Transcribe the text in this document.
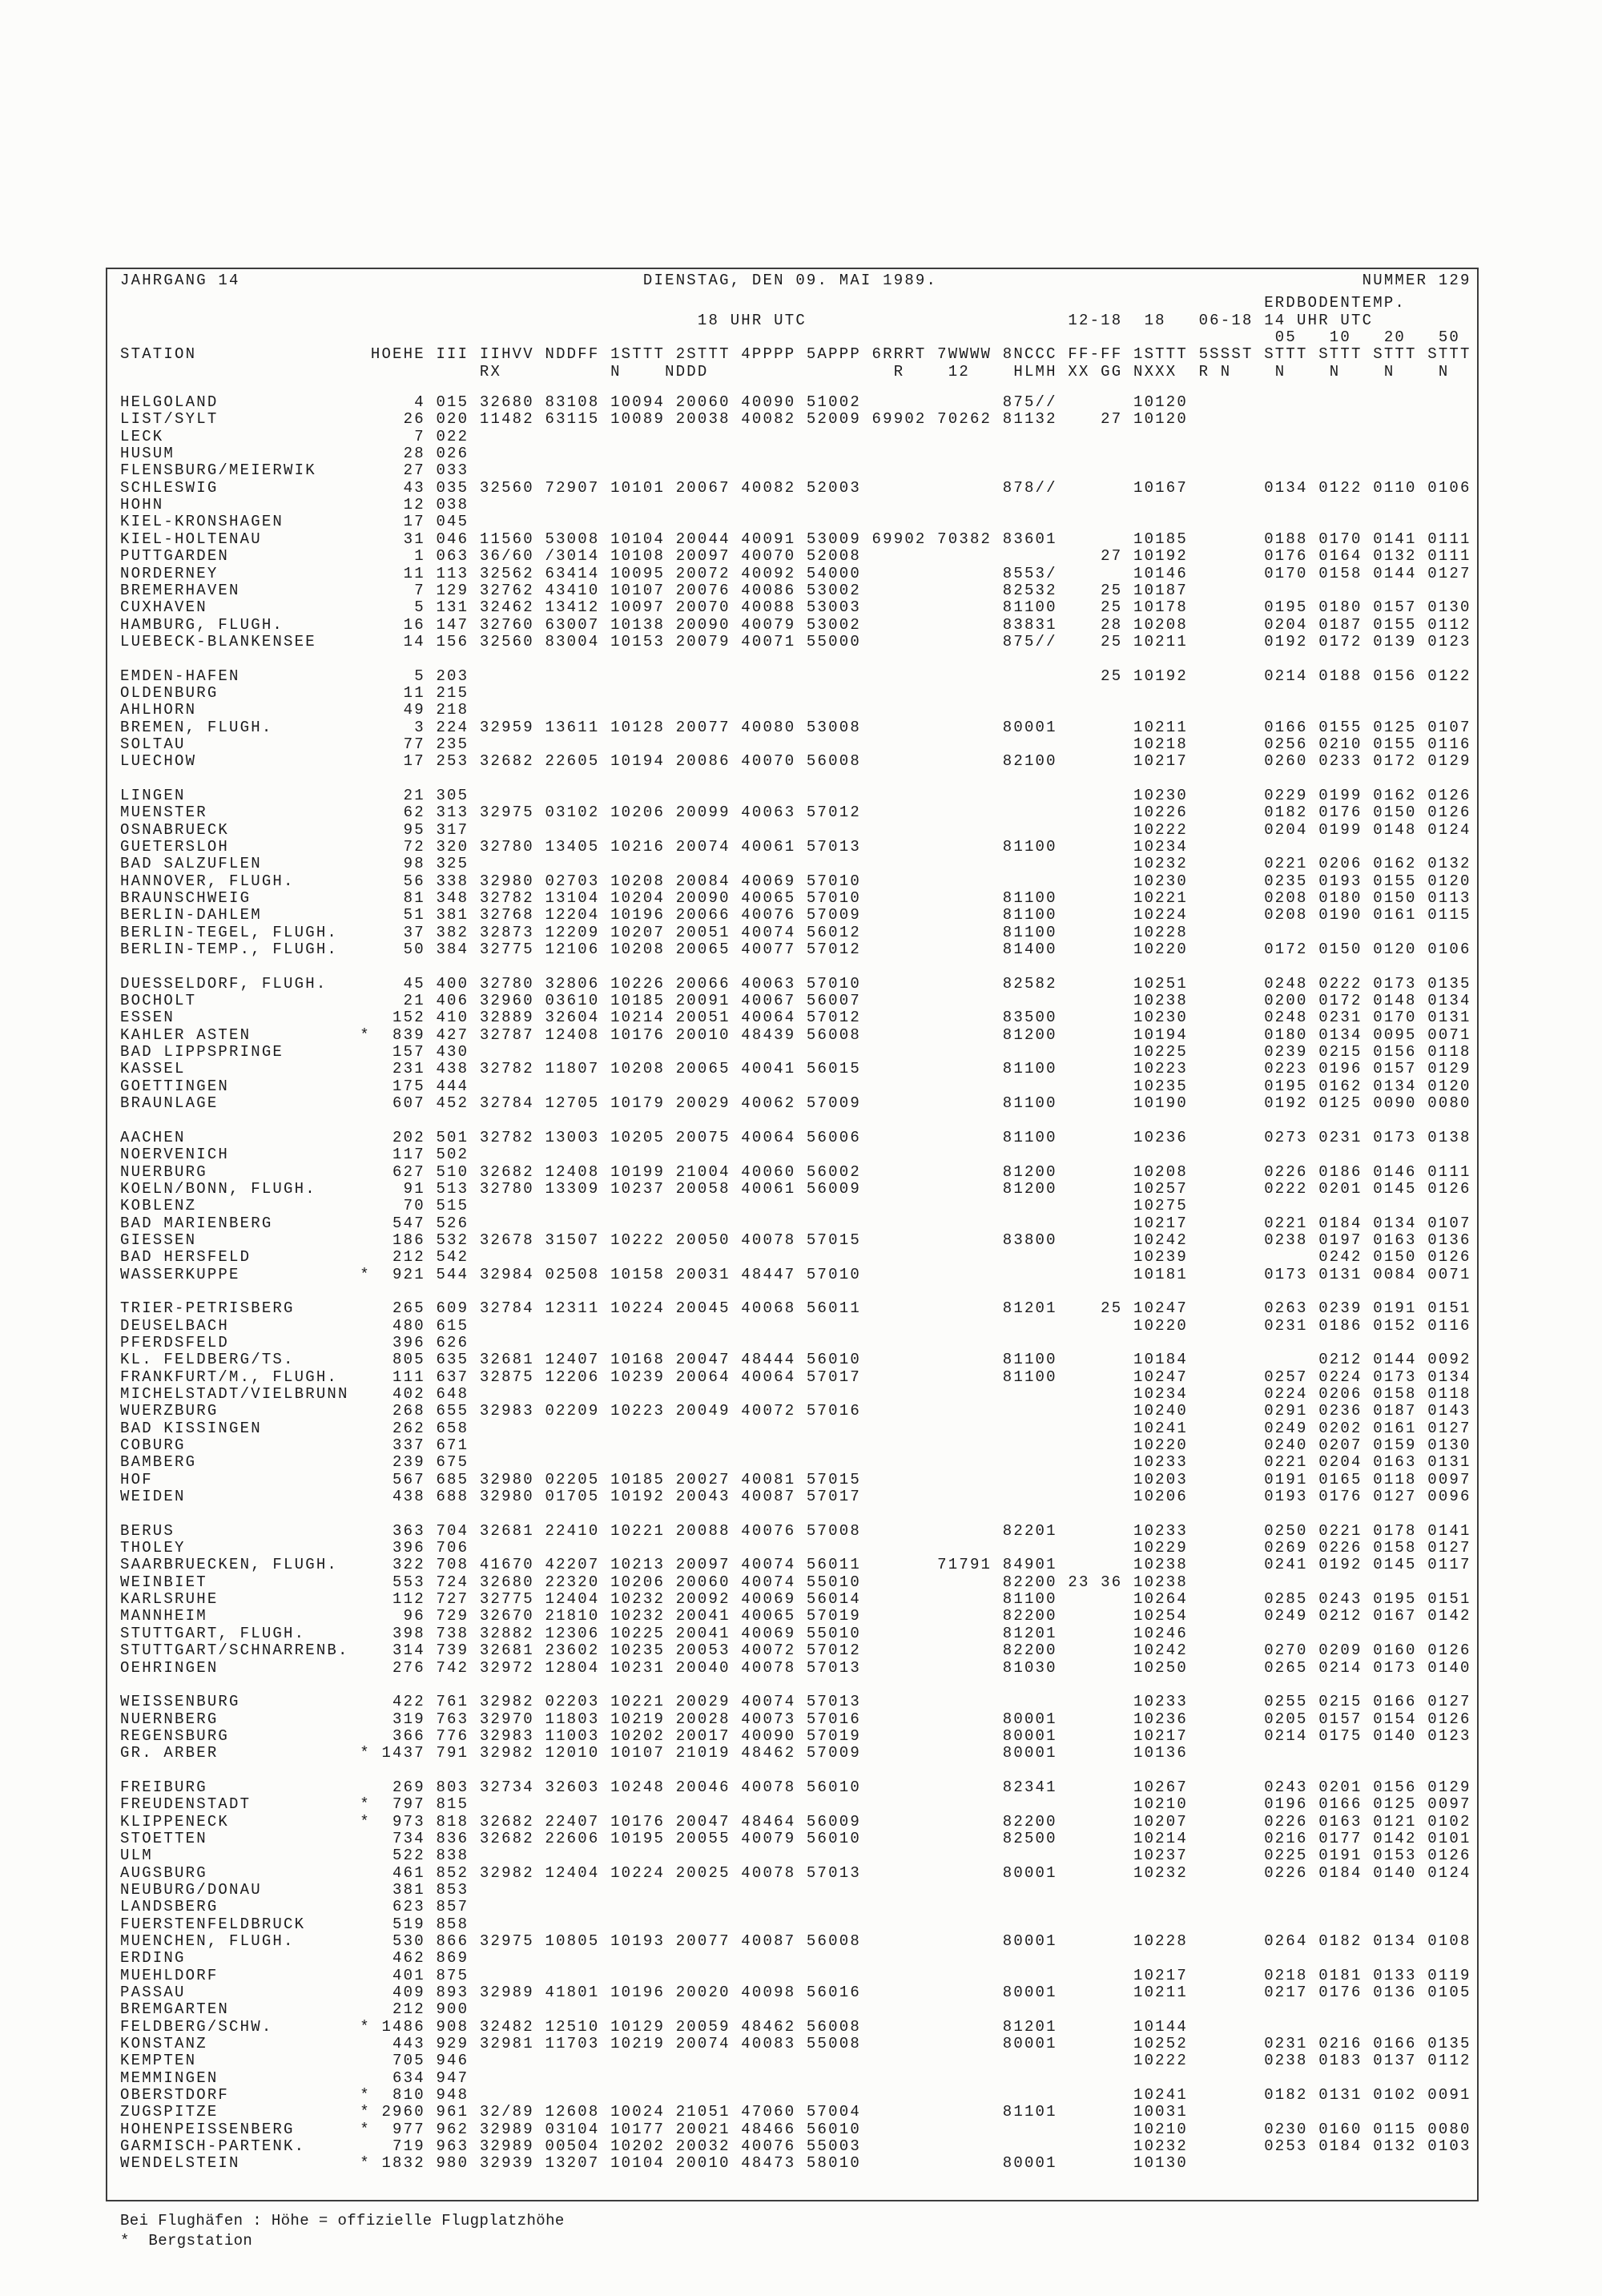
JAHRGANG 14                                     DIENSTAG, DEN 09. MAI 1989.                                       NUMMER 129
ERDBODENTEMP.
18 UHR UTC                        12-18  18   06-18 14 UHR UTC
05   10   20   50
STATION                HOEHE III IIHVV NDDFF 1STTT 2STTT 4PPPP 5APPP 6RRRT 7WWWW 8NCCC FF-FF 1STTT 5SSST STTT STTT STTT STTT
RX          N    NDDD                 R    12    HLMH XX GG NXXX  R N    N    N    N    N
HELGOLAND                  4 015 32680 83108 10094 20060 40090 51002             875//       10120
LIST/SYLT                 26 020 11482 63115 10089 20038 40082 52009 69902 70262 81132    27 10120
LECK                       7 022
HUSUM                     28 026
FLENSBURG/MEIERWIK        27 033
SCHLESWIG                 43 035 32560 72907 10101 20067 40082 52003             878//       10167       0134 0122 0110 0106
HOHN                      12 038
KIEL-KRONSHAGEN           17 045
KIEL-HOLTENAU             31 046 11560 53008 10104 20044 40091 53009 69902 70382 83601       10185       0188 0170 0141 0111
PUTTGARDEN                 1 063 36/60 /3014 10108 20097 40070 52008                      27 10192       0176 0164 0132 0111
NORDERNEY                 11 113 32562 63414 10095 20072 40092 54000             8553/       10146       0170 0158 0144 0127
BREMERHAVEN                7 129 32762 43410 10107 20076 40086 53002             82532    25 10187
CUXHAVEN                   5 131 32462 13412 10097 20070 40088 53003             81100    25 10178       0195 0180 0157 0130
HAMBURG, FLUGH.           16 147 32760 63007 10138 20090 40079 53002             83831    28 10208       0204 0187 0155 0112
LUEBECK-BLANKENSEE        14 156 32560 83004 10153 20079 40071 55000             875//    25 10211       0192 0172 0139 0123
EMDEN-HAFEN                5 203                                                          25 10192       0214 0188 0156 0122
OLDENBURG                 11 215
AHLHORN                   49 218
BREMEN, FLUGH.             3 224 32959 13611 10128 20077 40080 53008             80001       10211       0166 0155 0125 0107
SOLTAU                    77 235                                                             10218       0256 0210 0155 0116
LUECHOW                   17 253 32682 22605 10194 20086 40070 56008             82100       10217       0260 0233 0172 0129
LINGEN                    21 305                                                             10230       0229 0199 0162 0126
MUENSTER                  62 313 32975 03102 10206 20099 40063 57012                         10226       0182 0176 0150 0126
OSNABRUECK                95 317                                                             10222       0204 0199 0148 0124
GUETERSLOH                72 320 32780 13405 10216 20074 40061 57013             81100       10234
BAD SALZUFLEN             98 325                                                             10232       0221 0206 0162 0132
HANNOVER, FLUGH.          56 338 32980 02703 10208 20084 40069 57010                         10230       0235 0193 0155 0120
BRAUNSCHWEIG              81 348 32782 13104 10204 20090 40065 57010             81100       10221       0208 0180 0150 0113
BERLIN-DAHLEM             51 381 32768 12204 10196 20066 40076 57009             81100       10224       0208 0190 0161 0115
BERLIN-TEGEL, FLUGH.      37 382 32873 12209 10207 20051 40074 56012             81100       10228
BERLIN-TEMP., FLUGH.      50 384 32775 12106 10208 20065 40077 57012             81400       10220       0172 0150 0120 0106
DUESSELDORF, FLUGH.       45 400 32780 32806 10226 20066 40063 57010             82582       10251       0248 0222 0173 0135
BOCHOLT                   21 406 32960 03610 10185 20091 40067 56007                         10238       0200 0172 0148 0134
ESSEN                    152 410 32889 32604 10214 20051 40064 57012             83500       10230       0248 0231 0170 0131
KAHLER ASTEN          *  839 427 32787 12408 10176 20010 48439 56008             81200       10194       0180 0134 0095 0071
BAD LIPPSPRINGE          157 430                                                             10225       0239 0215 0156 0118
KASSEL                   231 438 32782 11807 10208 20065 40041 56015             81100       10223       0223 0196 0157 0129
GOETTINGEN               175 444                                                             10235       0195 0162 0134 0120
BRAUNLAGE                607 452 32784 12705 10179 20029 40062 57009             81100       10190       0192 0125 0090 0080
AACHEN                   202 501 32782 13003 10205 20075 40064 56006             81100       10236       0273 0231 0173 0138
NOERVENICH               117 502
NUERBURG                 627 510 32682 12408 10199 21004 40060 56002             81200       10208       0226 0186 0146 0111
KOELN/BONN, FLUGH.        91 513 32780 13309 10237 20058 40061 56009             81200       10257       0222 0201 0145 0126
KOBLENZ                   70 515                                                             10275
BAD MARIENBERG           547 526                                                             10217       0221 0184 0134 0107
GIESSEN                  186 532 32678 31507 10222 20050 40078 57015             83800       10242       0238 0197 0163 0136
BAD HERSFELD             212 542                                                             10239            0242 0150 0126
WASSERKUPPE           *  921 544 32984 02508 10158 20031 48447 57010                         10181       0173 0131 0084 0071
TRIER-PETRISBERG         265 609 32784 12311 10224 20045 40068 56011             81201    25 10247       0263 0239 0191 0151
DEUSELBACH               480 615                                                             10220       0231 0186 0152 0116
PFERDSFELD               396 626
KL. FELDBERG/TS.         805 635 32681 12407 10168 20047 48444 56010             81100       10184            0212 0144 0092
FRANKFURT/M., FLUGH.     111 637 32875 12206 10239 20064 40064 57017             81100       10247       0257 0224 0173 0134
MICHELSTADT/VIELBRUNN    402 648                                                             10234       0224 0206 0158 0118
WUERZBURG                268 655 32983 02209 10223 20049 40072 57016                         10240       0291 0236 0187 0143
BAD KISSINGEN            262 658                                                             10241       0249 0202 0161 0127
COBURG                   337 671                                                             10220       0240 0207 0159 0130
BAMBERG                  239 675                                                             10233       0221 0204 0163 0131
HOF                      567 685 32980 02205 10185 20027 40081 57015                         10203       0191 0165 0118 0097
WEIDEN                   438 688 32980 01705 10192 20043 40087 57017                         10206       0193 0176 0127 0096
BERUS                    363 704 32681 22410 10221 20088 40076 57008             82201       10233       0250 0221 0178 0141
THOLEY                   396 706                                                             10229       0269 0226 0158 0127
SAARBRUECKEN, FLUGH.     322 708 41670 42207 10213 20097 40074 56011       71791 84901       10238       0241 0192 0145 0117
WEINBIET                 553 724 32680 22320 10206 20060 40074 55010             82200 23 36 10238
KARLSRUHE                112 727 32775 12404 10232 20092 40069 56014             81100       10264       0285 0243 0195 0151
MANNHEIM                  96 729 32670 21810 10232 20041 40065 57019             82200       10254       0249 0212 0167 0142
STUTTGART, FLUGH.        398 738 32882 12306 10225 20041 40069 55010             81201       10246
STUTTGART/SCHNARRENB.    314 739 32681 23602 10235 20053 40072 57012             82200       10242       0270 0209 0160 0126
OEHRINGEN                276 742 32972 12804 10231 20040 40078 57013             81030       10250       0265 0214 0173 0140
WEISSENBURG              422 761 32982 02203 10221 20029 40074 57013                         10233       0255 0215 0166 0127
NUERNBERG                319 763 32970 11803 10219 20028 40073 57016             80001       10236       0205 0157 0154 0126
REGENSBURG               366 776 32983 11003 10202 20017 40090 57019             80001       10217       0214 0175 0140 0123
GR. ARBER             * 1437 791 32982 12010 10107 21019 48462 57009             80001       10136
FREIBURG                 269 803 32734 32603 10248 20046 40078 56010             82341       10267       0243 0201 0156 0129
FREUDENSTADT          *  797 815                                                             10210       0196 0166 0125 0097
KLIPPENECK            *  973 818 32682 22407 10176 20047 48464 56009             82200       10207       0226 0163 0121 0102
STOETTEN                 734 836 32682 22606 10195 20055 40079 56010             82500       10214       0216 0177 0142 0101
ULM                      522 838                                                             10237       0225 0191 0153 0126
AUGSBURG                 461 852 32982 12404 10224 20025 40078 57013             80001       10232       0226 0184 0140 0124
NEUBURG/DONAU            381 853
LANDSBERG                623 857
FUERSTENFELDBRUCK        519 858
MUENCHEN, FLUGH.         530 866 32975 10805 10193 20077 40087 56008             80001       10228       0264 0182 0134 0108
ERDING                   462 869
MUEHLDORF                401 875                                                             10217       0218 0181 0133 0119
PASSAU                   409 893 32989 41801 10196 20020 40098 56016             80001       10211       0217 0176 0136 0105
BREMGARTEN               212 900
FELDBERG/SCHW.        * 1486 908 32482 12510 10129 20059 48462 56008             81201       10144
KONSTANZ                 443 929 32981 11703 10219 20074 40083 55008             80001       10252       0231 0216 0166 0135
KEMPTEN                  705 946                                                             10222       0238 0183 0137 0112
MEMMINGEN                634 947
OBERSTDORF            *  810 948                                                             10241       0182 0131 0102 0091
ZUGSPITZE             * 2960 961 32/89 12608 10024 21051 47060 57004             81101       10031
HOHENPEISSENBERG      *  977 962 32989 03104 10177 20021 48466 56010                         10210       0230 0160 0115 0080
GARMISCH-PARTENK.        719 963 32989 00504 10202 20032 40076 55003                         10232       0253 0184 0132 0103
WENDELSTEIN           * 1832 980 32939 13207 10104 20010 48473 58010             80001       10130
Bei Flughäfen : Höhe = offizielle Flugplatzhöhe
*  Bergstation
